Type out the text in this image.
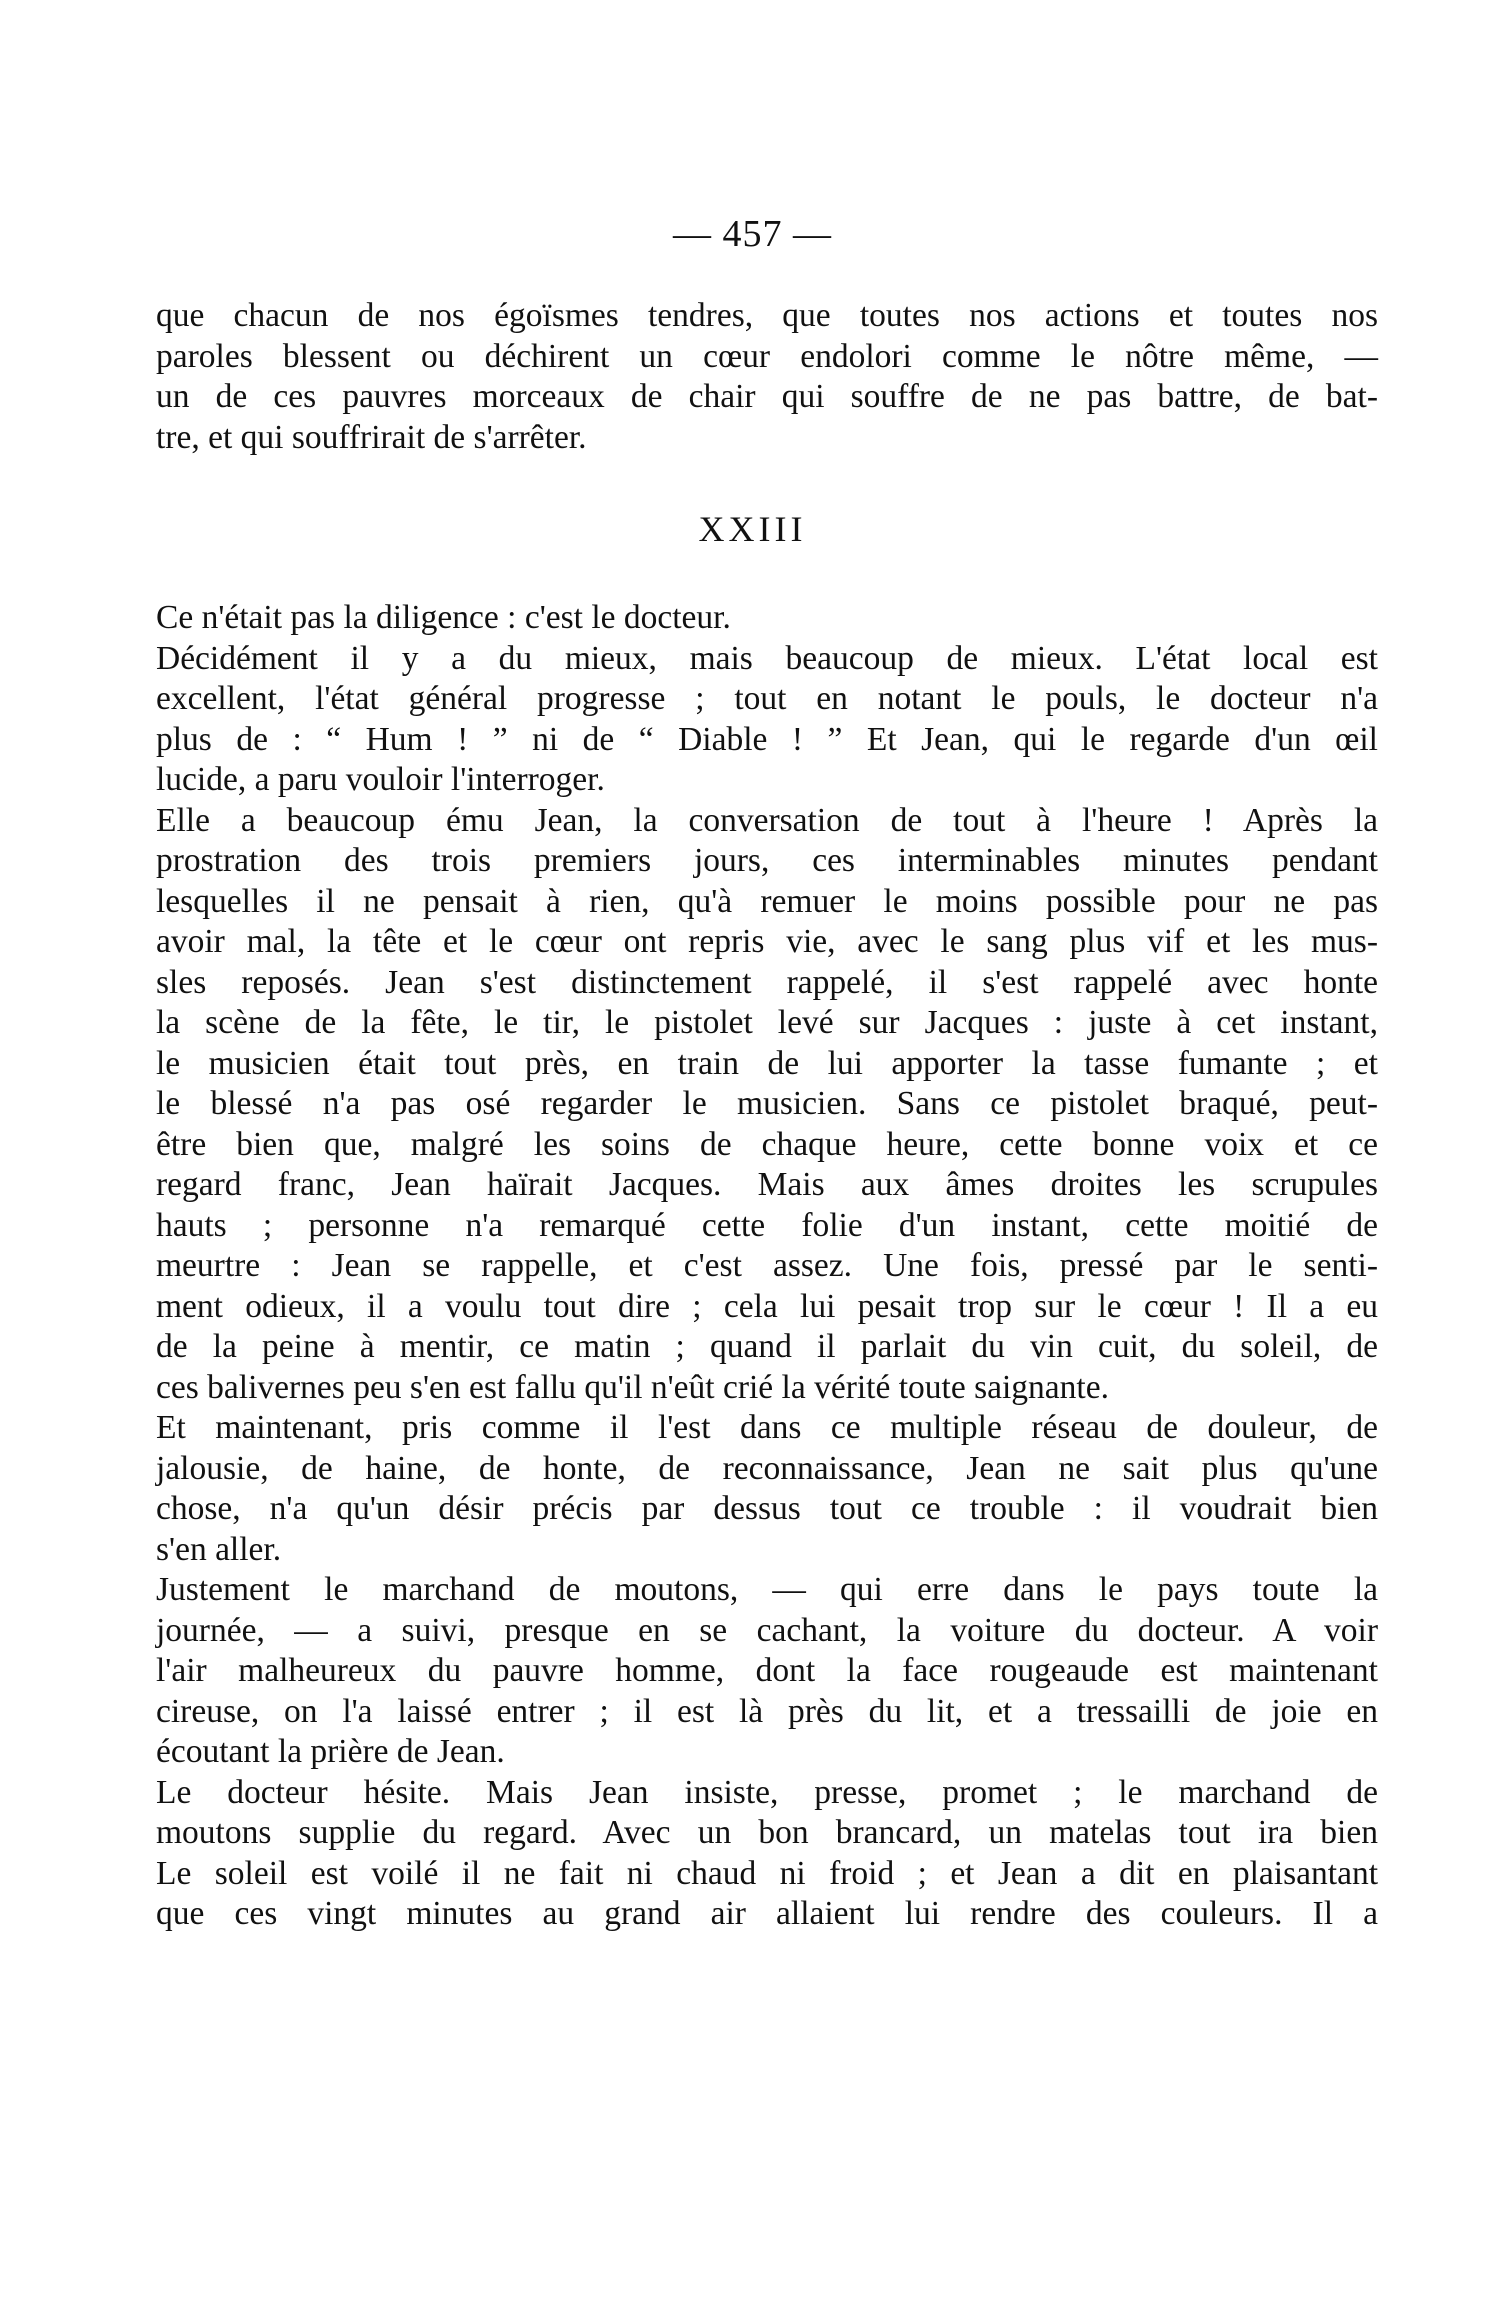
— 457 —
que chacun de nos égoïsmes tendres, que toutes nos actions et toutes nos
paroles blessent ou déchirent un cœur endolori comme le nôtre même, —
un de ces pauvres morceaux de chair qui souffre de ne pas battre, de bat-
tre, et qui souffrirait de s'arrêter.
XXIII
Ce n'était pas la diligence : c'est le docteur.
Décidément il y a du mieux, mais beaucoup de mieux. L'état local est
excellent, l'état général progresse ; tout en notant le pouls, le docteur n'a
plus de : “ Hum ! ” ni de “ Diable ! ” Et Jean, qui le regarde d'un œil
lucide, a paru vouloir l'interroger.
Elle a beaucoup ému Jean, la conversation de tout à l'heure ! Après la
prostration des trois premiers jours, ces interminables minutes pendant
lesquelles il ne pensait à rien, qu'à remuer le moins possible pour ne pas
avoir mal, la tête et le cœur ont repris vie, avec le sang plus vif et les mus-
sles reposés. Jean s'est distinctement rappelé, il s'est rappelé avec honte
la scène de la fête, le tir, le pistolet levé sur Jacques : juste à cet instant,
le musicien était tout près, en train de lui apporter la tasse fumante ; et
le blessé n'a pas osé regarder le musicien. Sans ce pistolet braqué, peut-
être bien que, malgré les soins de chaque heure, cette bonne voix et ce
regard franc, Jean haïrait Jacques. Mais aux âmes droites les scrupules
hauts ; personne n'a remarqué cette folie d'un instant, cette moitié de
meurtre : Jean se rappelle, et c'est assez. Une fois, pressé par le senti-
ment odieux, il a voulu tout dire ; cela lui pesait trop sur le cœur ! Il a eu
de la peine à mentir, ce matin ; quand il parlait du vin cuit, du soleil, de
ces balivernes peu s'en est fallu qu'il n'eût crié la vérité toute saignante.
Et maintenant, pris comme il l'est dans ce multiple réseau de douleur, de
jalousie, de haine, de honte, de reconnaissance, Jean ne sait plus qu'une
chose, n'a qu'un désir précis par dessus tout ce trouble : il voudrait bien
s'en aller.
Justement le marchand de moutons, — qui erre dans le pays toute la
journée, — a suivi, presque en se cachant, la voiture du docteur. A voir
l'air malheureux du pauvre homme, dont la face rougeaude est maintenant
cireuse, on l'a laissé entrer ; il est là près du lit, et a tressailli de joie en
écoutant la prière de Jean.
Le docteur hésite. Mais Jean insiste, presse, promet ; le marchand de
moutons supplie du regard. Avec un bon brancard, un matelas tout ira bien
Le soleil est voilé il ne fait ni chaud ni froid ; et Jean a dit en plaisantant
que ces vingt minutes au grand air allaient lui rendre des couleurs. Il a
